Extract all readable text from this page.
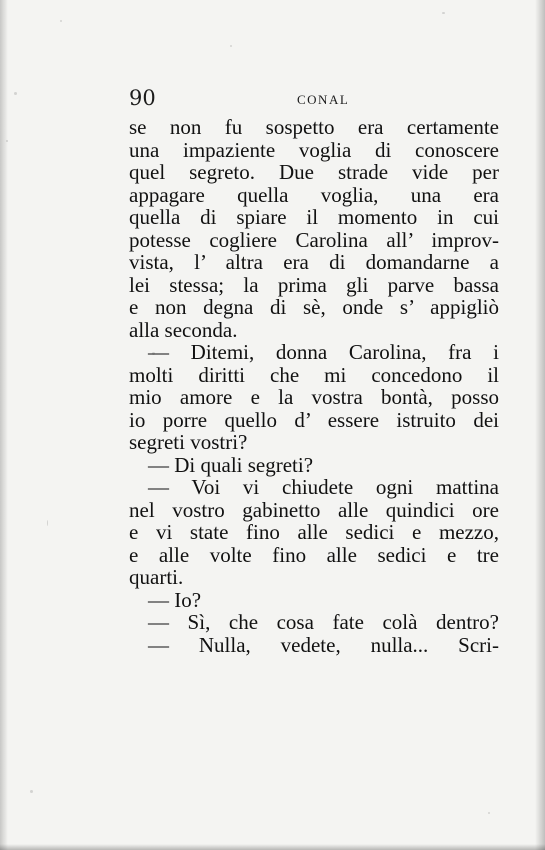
90	CONAL
se non fu sospetto era certamente
una impaziente voglia di conoscere
quel segreto. Due strade vide per
appagare quella voglia, una era
quella di spiare il momento in cui
potesse cogliere Carolina all’ improv-
vista, l’ altra era di domandarne a
lei stessa; la prima gli parve bassa
e non degna di sè, onde s’ appigliò
alla seconda.
— Ditemi, donna Carolina, fra i
molti diritti che mi concedono il
mio amore e la vostra bontà, posso
io porre quello d’ essere istruito dei
segreti vostri?
— Di quali segreti?
— Voi vi chiudete ogni mattina
nel vostro gabinetto alle quindici ore
e vi state fino alle sedici e mezzo,
e alle volte fino alle sedici e tre
quarti.
— Io?
— Sì, che cosa fate colà dentro?
— Nulla, vedete, nulla... Scri-
